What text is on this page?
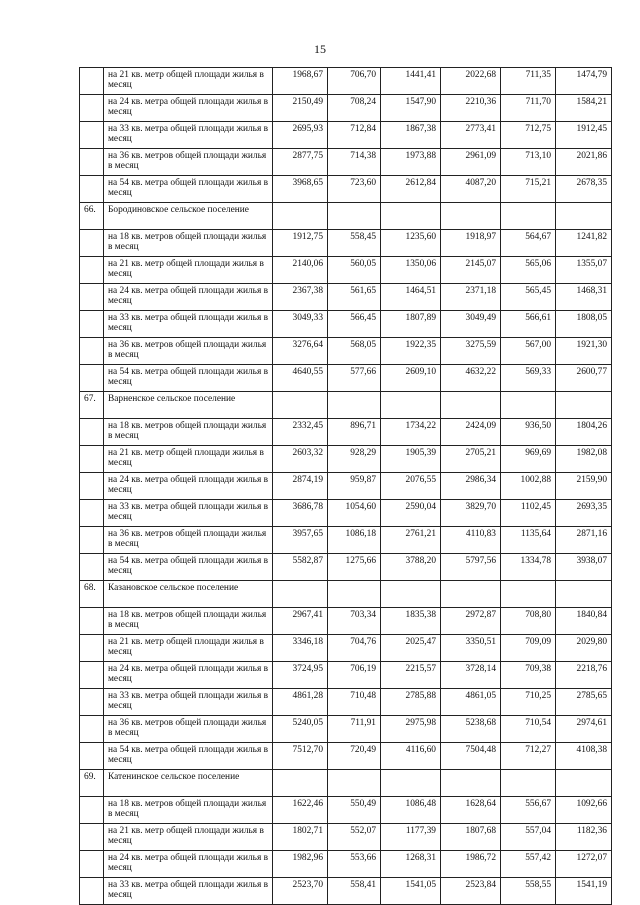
15
	на 21 кв. метр общей площади жилья в месяц	1968,67	706,70	1441,41	2022,68	711,35	1474,79
	на 24 кв. метра общей площади жилья в месяц	2150,49	708,24	1547,90	2210,36	711,70	1584,21
	на 33 кв. метра общей площади жилья в месяц	2695,93	712,84	1867,38	2773,41	712,75	1912,45
	на 36 кв. метров общей площади жилья в месяц	2877,75	714,38	1973,88	2961,09	713,10	2021,86
	на 54 кв. метра общей площади жилья в месяц	3968,65	723,60	2612,84	4087,20	715,21	2678,35
66.	Бородиновское сельское поселение						
	на 18 кв. метров общей площади жилья в месяц	1912,75	558,45	1235,60	1918,97	564,67	1241,82
	на 21 кв. метр общей площади жилья в месяц	2140,06	560,05	1350,06	2145,07	565,06	1355,07
	на 24 кв. метра общей площади жилья в месяц	2367,38	561,65	1464,51	2371,18	565,45	1468,31
	на 33 кв. метра общей площади жилья в месяц	3049,33	566,45	1807,89	3049,49	566,61	1808,05
	на 36 кв. метров общей площади жилья в месяц	3276,64	568,05	1922,35	3275,59	567,00	1921,30
	на 54 кв. метра общей площади жилья в месяц	4640,55	577,66	2609,10	4632,22	569,33	2600,77
67.	Варненское сельское поселение						
	на 18 кв. метров общей площади жилья в месяц	2332,45	896,71	1734,22	2424,09	936,50	1804,26
	на 21 кв. метр общей площади жилья в месяц	2603,32	928,29	1905,39	2705,21	969,69	1982,08
	на 24 кв. метра общей площади жилья в месяц	2874,19	959,87	2076,55	2986,34	1002,88	2159,90
	на 33 кв. метра общей площади жилья в месяц	3686,78	1054,60	2590,04	3829,70	1102,45	2693,35
	на 36 кв. метров общей площади жилья в месяц	3957,65	1086,18	2761,21	4110,83	1135,64	2871,16
	на 54 кв. метра общей площади жилья в месяц	5582,87	1275,66	3788,20	5797,56	1334,78	3938,07
68.	Казановское сельское поселение						
	на 18 кв. метров общей площади жилья в месяц	2967,41	703,34	1835,38	2972,87	708,80	1840,84
	на 21 кв. метр общей площади жилья в месяц	3346,18	704,76	2025,47	3350,51	709,09	2029,80
	на 24 кв. метра общей площади жилья в месяц	3724,95	706,19	2215,57	3728,14	709,38	2218,76
	на 33 кв. метра общей площади жилья в месяц	4861,28	710,48	2785,88	4861,05	710,25	2785,65
	на 36 кв. метров общей площади жилья в месяц	5240,05	711,91	2975,98	5238,68	710,54	2974,61
	на 54 кв. метра общей площади жилья в месяц	7512,70	720,49	4116,60	7504,48	712,27	4108,38
69.	Катенинское сельское поселение						
	на 18 кв. метров общей площади жилья в месяц	1622,46	550,49	1086,48	1628,64	556,67	1092,66
	на 21 кв. метр общей площади жилья в месяц	1802,71	552,07	1177,39	1807,68	557,04	1182,36
	на 24 кв. метра общей площади жилья в месяц	1982,96	553,66	1268,31	1986,72	557,42	1272,07
	на 33 кв. метра общей площади жилья в месяц	2523,70	558,41	1541,05	2523,84	558,55	1541,19
